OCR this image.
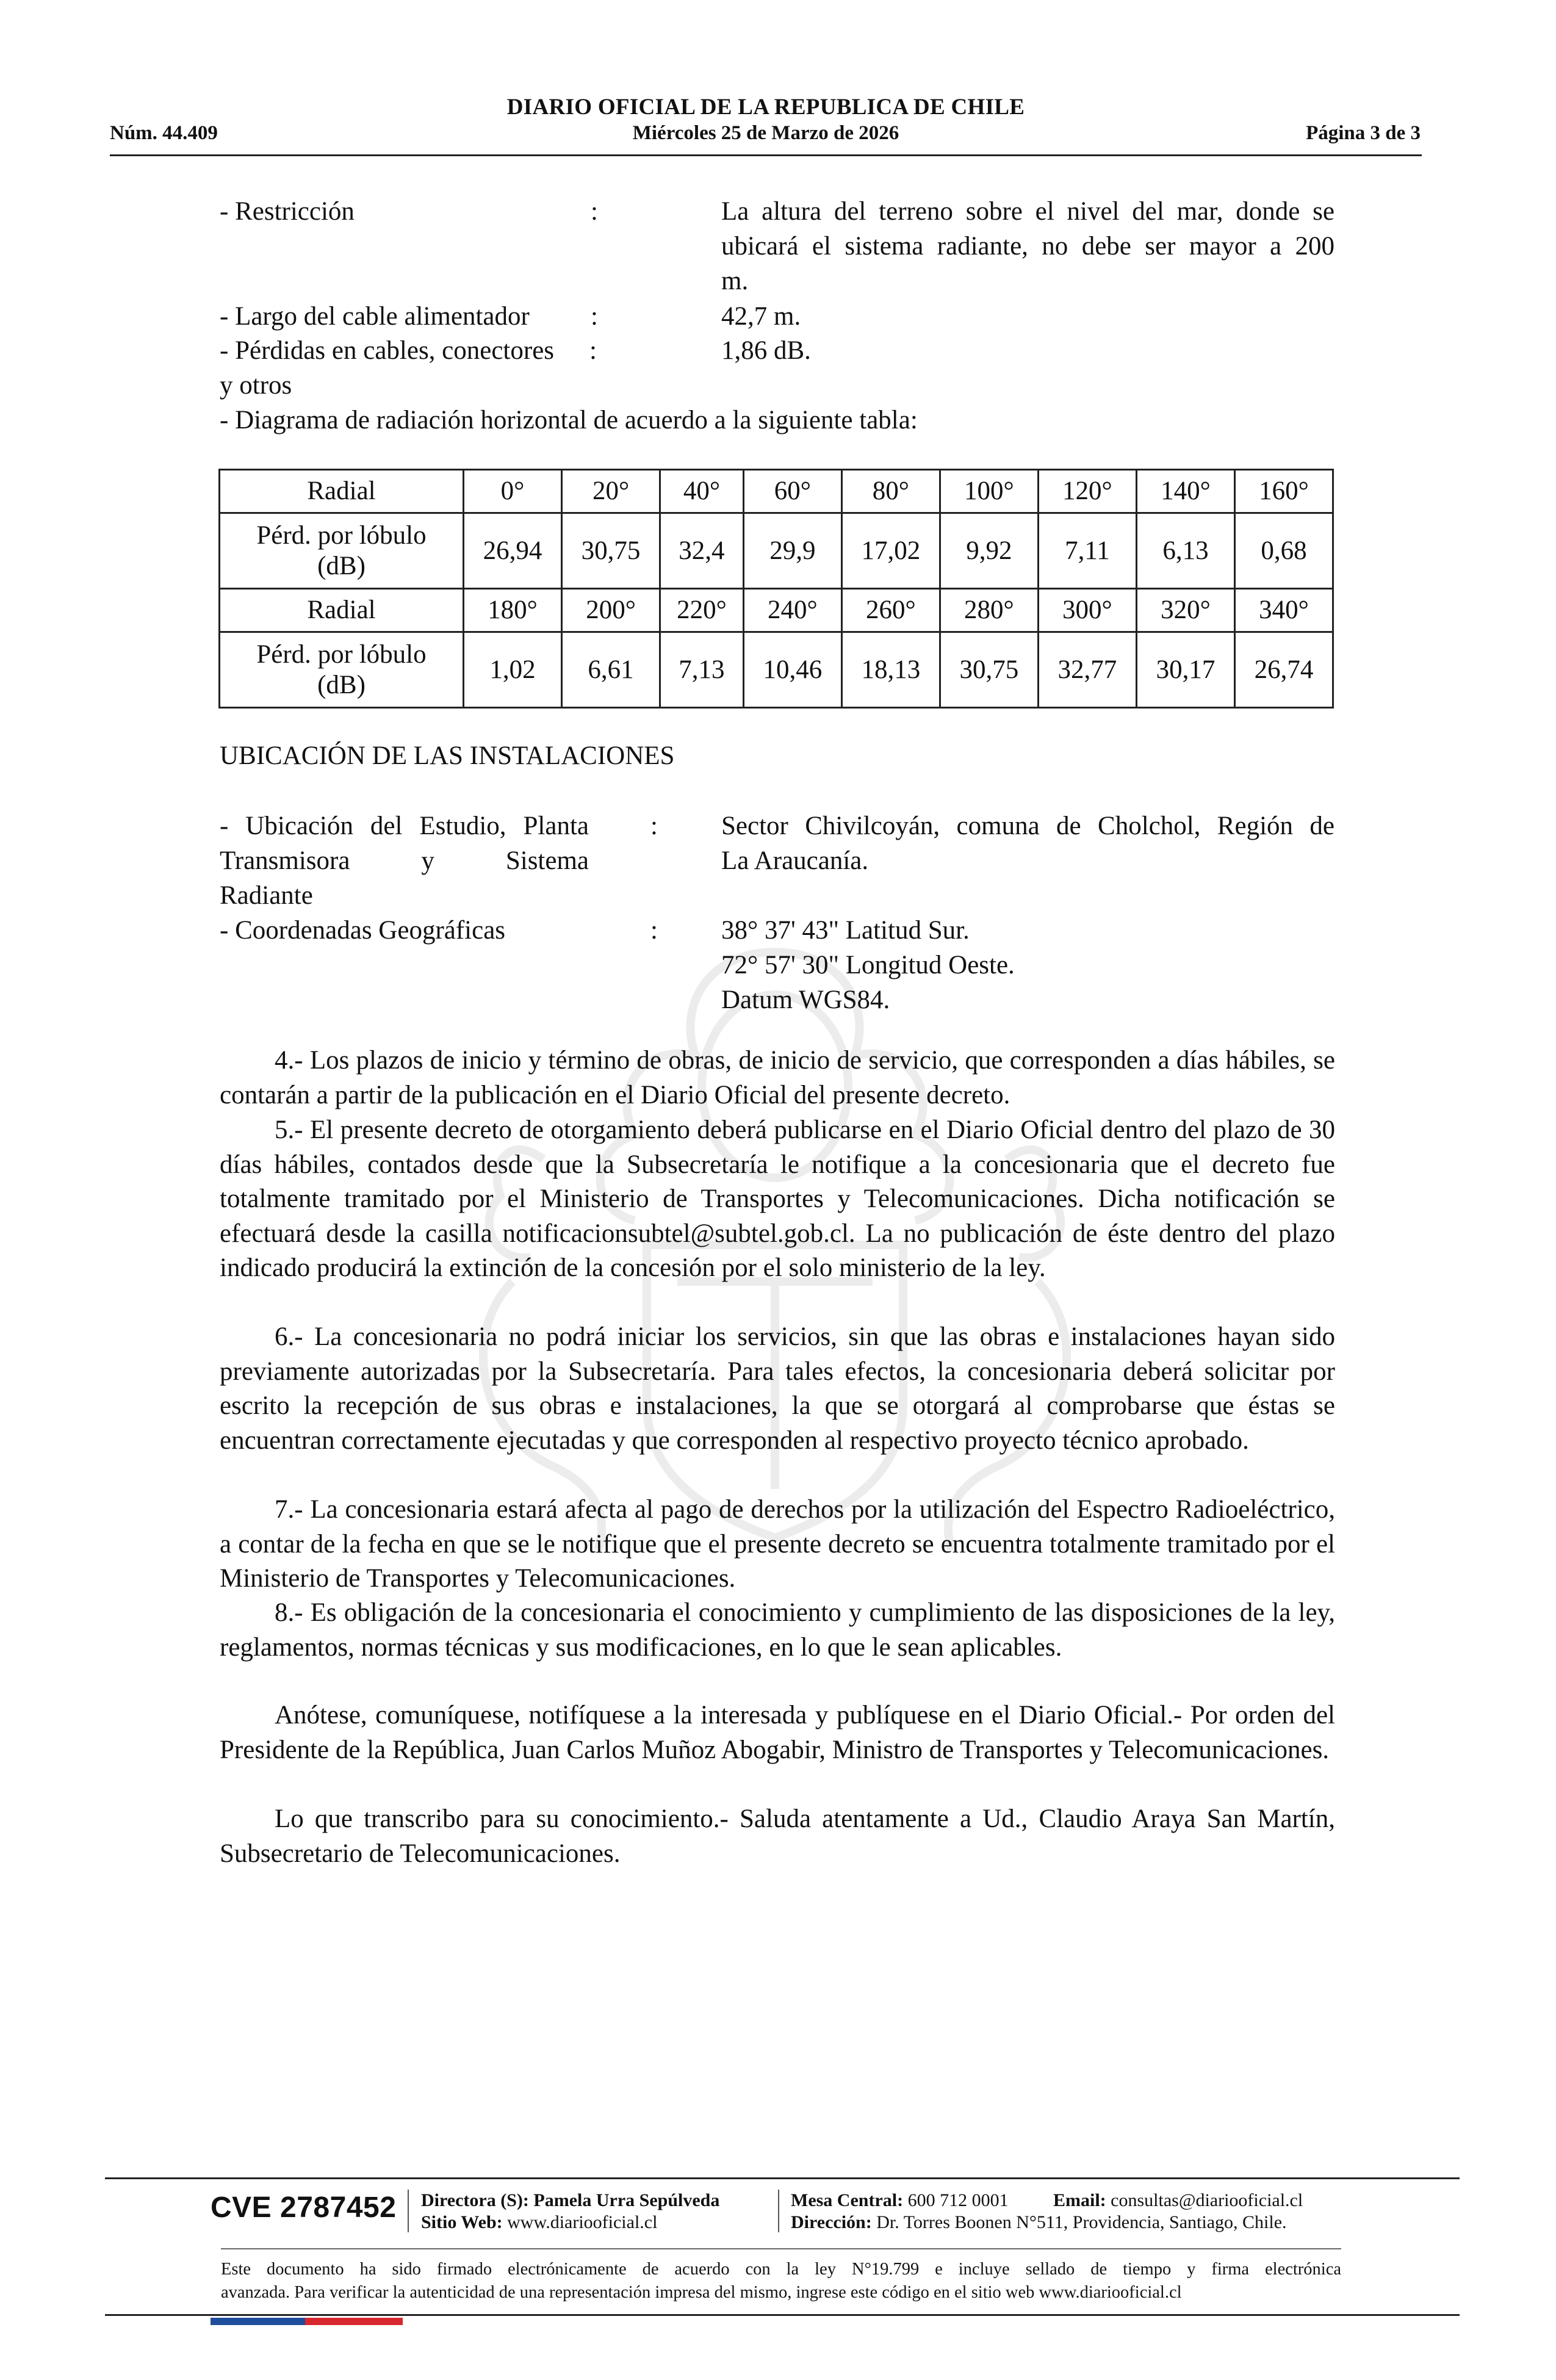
DIARIO OFICIAL DE LA REPUBLICA DE CHILE
Núm. 44.409	Miércoles 25 de Marzo de 2026	Página 3 de 3
- Restricción	:	La altura del terreno sobre el nivel del mar, donde se
ubicará el sistema radiante, no debe ser mayor a 200
m.
- Largo del cable alimentador :	42,7 m.
- Pérdidas en cables, conectores :	1,86 dB.
y otros
- Diagrama de radiación horizontal de acuerdo a la siguiente tabla:
Radial	0°	20°	40°	60°	80°	100°	120°	140°	160°

Pérd. por lóbulo
(dB)	26,94	30,75	32,4	29,9	17,02	9,92	7,11	6,13	0,68
Radial	180°	200°	220°	240°	260°	280°	300°	320°	340°

Pérd. por lóbulo
(dB)	1,02	6,61	7,13	10,46	18,13	30,75	32,77	30,17	26,74
UBICACIÓN DE LAS INSTALACIONES
- Ubicación del Estudio, Planta
Transmisora y Sistema
Radiante
: Sector Chivilcoyán, comuna de Cholchol, Región de
La Araucanía.
- Coordenadas Geográficas	: 38° 37' 43" Latitud Sur.
72° 57' 30" Longitud Oeste.
Datum WGS84.

4.- Los plazos de inicio y término de obras, de inicio de servicio, que corresponden a días hábiles, se contarán a partir de la publicación en el Diario Oficial del presente decreto.

5.- El presente decreto de otorgamiento deberá publicarse en el Diario Oficial dentro del plazo de 30 días hábiles, contados desde que la Subsecretaría le notifique a la concesionaria que el decreto fue totalmente tramitado por el Ministerio de Transportes y Telecomunicaciones. Dicha notificación se efectuará desde la casilla notificacionsubtel@subtel.gob.cl. La no publicación de éste dentro del plazo indicado producirá la extinción de la concesión por el solo ministerio de la ley.

6.- La concesionaria no podrá iniciar los servicios, sin que las obras e instalaciones hayan sido previamente autorizadas por la Subsecretaría. Para tales efectos, la concesionaria deberá solicitar por escrito la recepción de sus obras e instalaciones, la que se otorgará al comprobarse que éstas se encuentran correctamente ejecutadas y que corresponden al respectivo proyecto técnico aprobado.

7.- La concesionaria estará afecta al pago de derechos por la utilización del Espectro Radioeléctrico, a contar de la fecha en que se le notifique que el presente decreto se encuentra totalmente tramitado por el Ministerio de Transportes y Telecomunicaciones.

8.- Es obligación de la concesionaria el conocimiento y cumplimiento de las disposiciones de la ley, reglamentos, normas técnicas y sus modificaciones, en lo que le sean aplicables.

Anótese, comuníquese, notifíquese a la interesada y publíquese en el Diario Oficial.- Por orden del Presidente de la República, Juan Carlos Muñoz Abogabir, Ministro de Transportes y Telecomunicaciones.

Lo que transcribo para su conocimiento.- Saluda atentamente a Ud., Claudio Araya San Martín, Subsecretario de Telecomunicaciones.

CVE 2787452 Directora (S): Pamela Urra Sepúlveda
Sitio Web: www.diariooficial.cl
Mesa Central: 600 712 0001 Email: consultas@diariooficial.cl
Dirección: Dr. Torres Boonen N°511, Providencia, Santiago, Chile.
Este documento ha sido firmado electrónicamente de acuerdo con la ley N°19.799 e incluye sellado de tiempo y firma electrónica
avanzada. Para verificar la autenticidad de una representación impresa del mismo, ingrese este código en el sitio web www.diariooficial.cl
